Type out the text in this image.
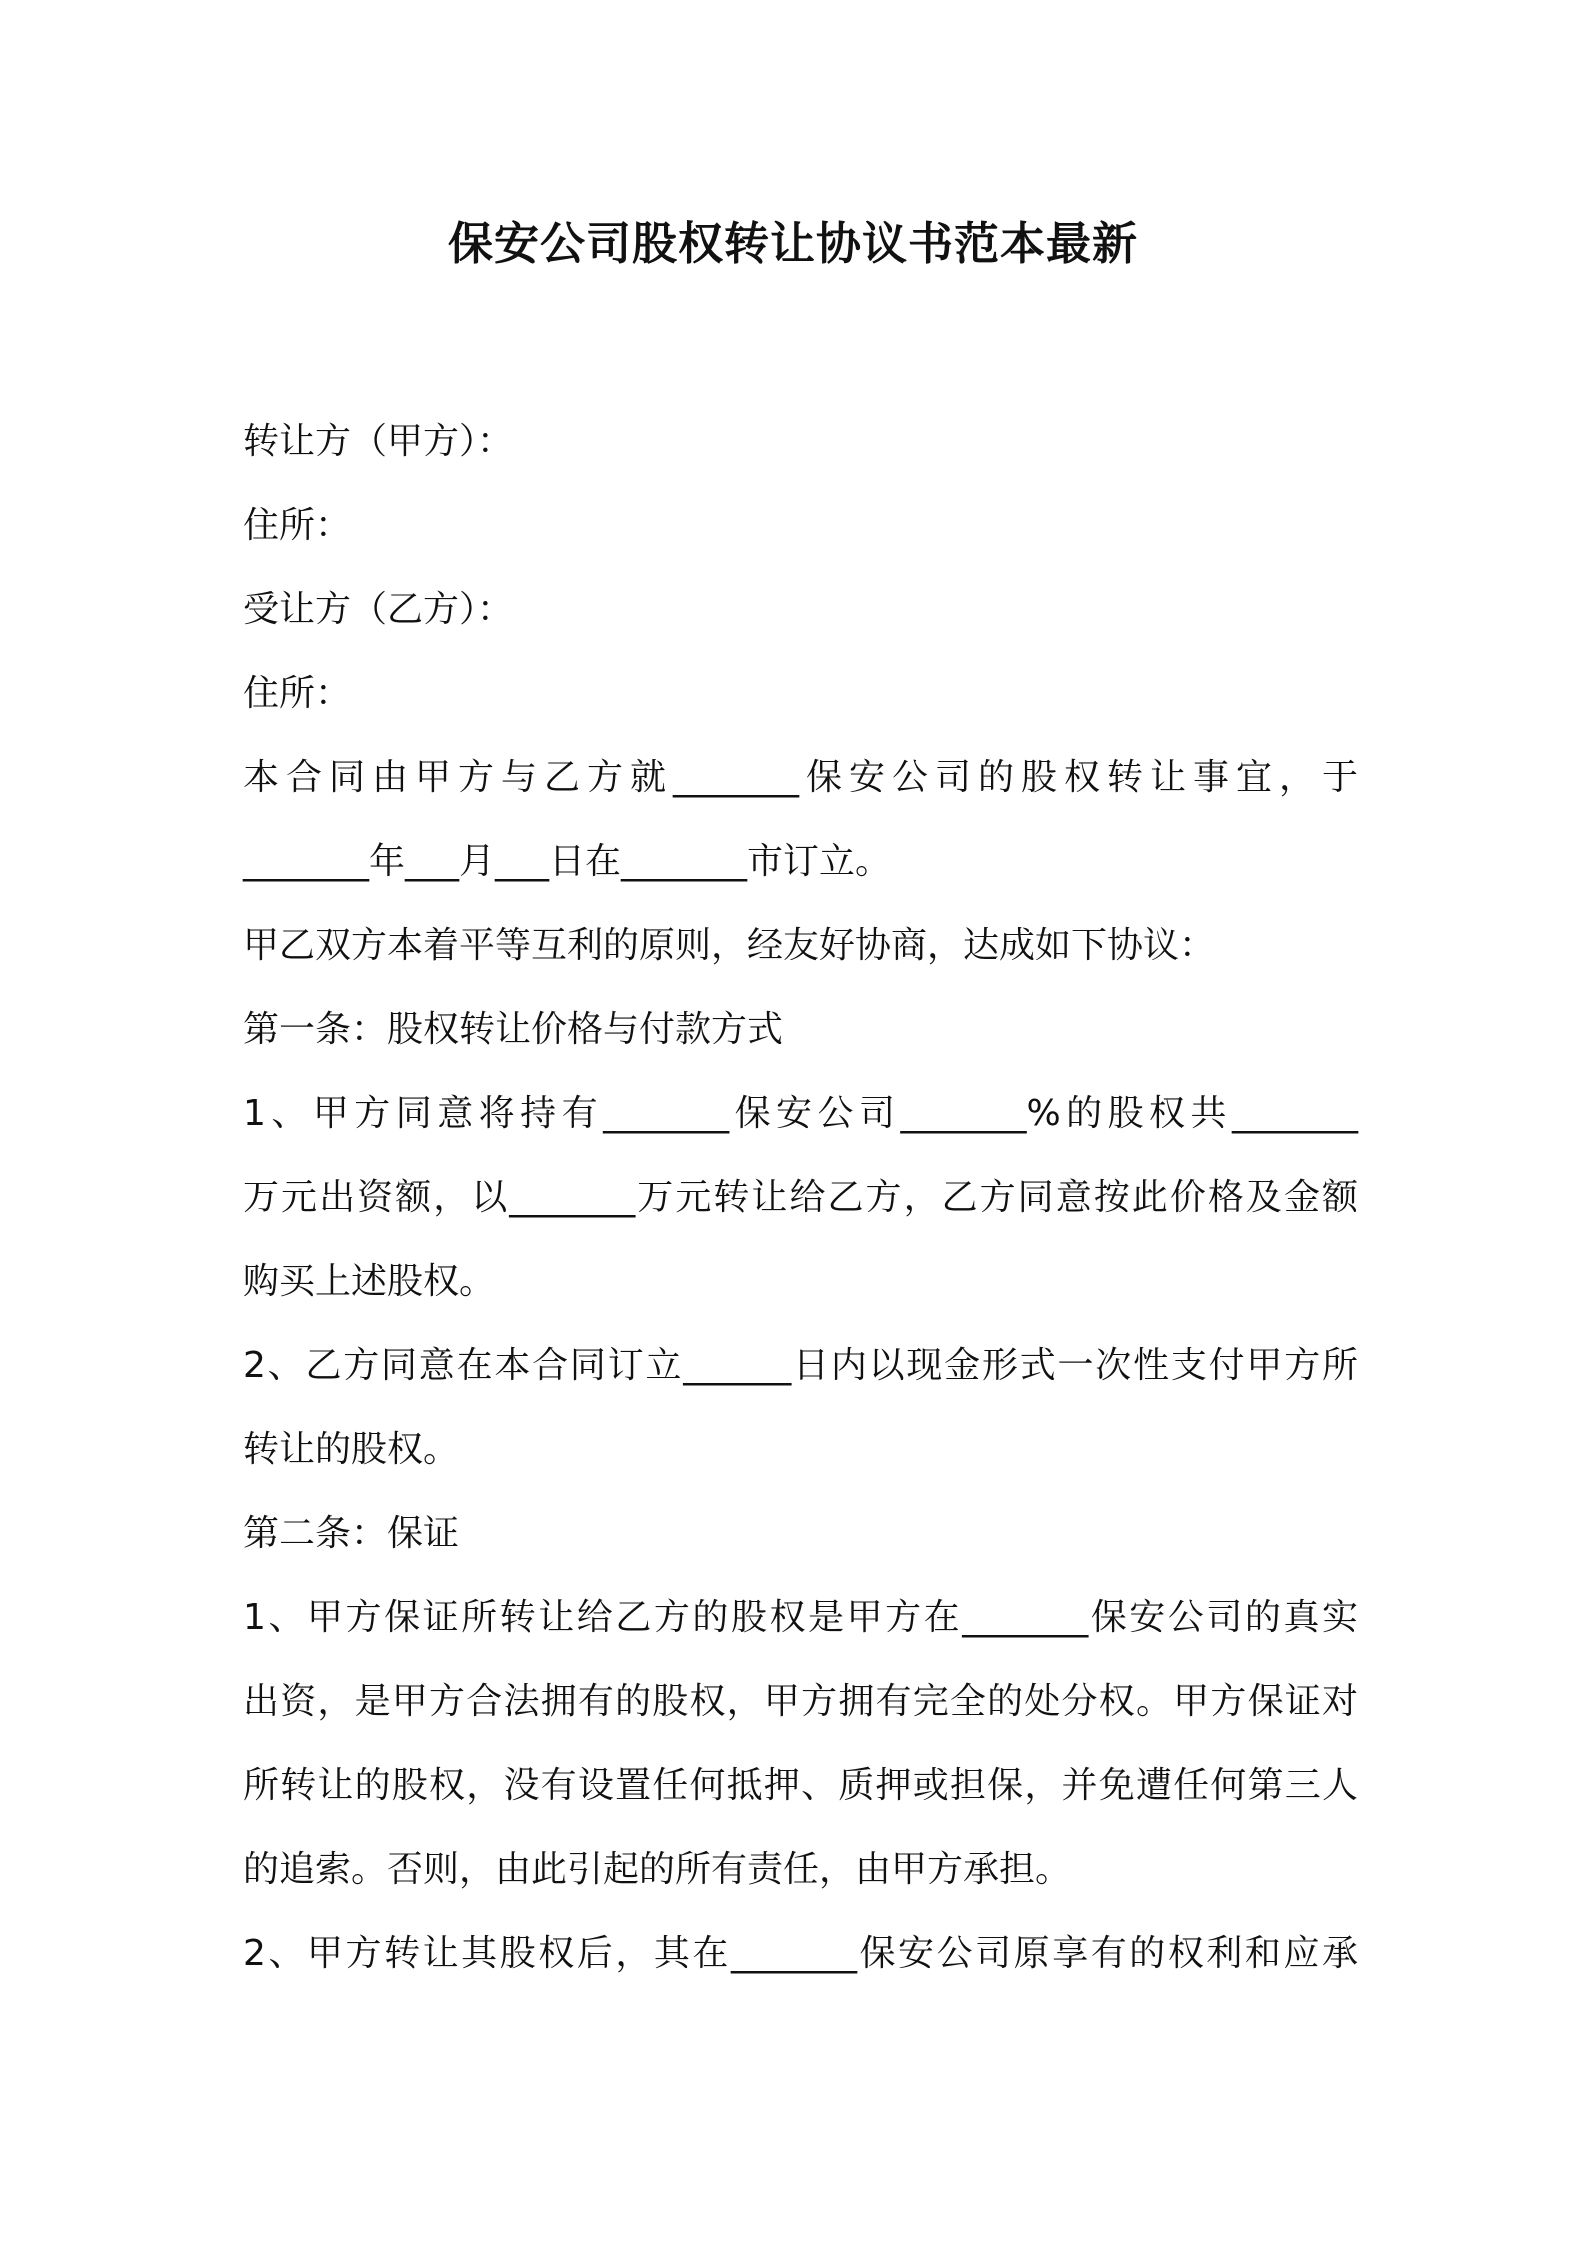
保安公司股权转让协议书范本最新

转让方（甲方）：

住所：

受让方（乙方）：

住所：

本合同由甲方与乙方就_______保安公司的股权转让事宜，于

_______年___月___日在_______市订立。

甲乙双方本着平等互利的原则，经友好协商，达成如下协议：

第一条：股权转让价格与付款方式

1、甲方同意将持有_______保安公司_______%的股权共_______

万元出资额，以_______万元转让给乙方，乙方同意按此价格及金额

购买上述股权。

2、乙方同意在本合同订立______日内以现金形式一次性支付甲方所

转让的股权。

第二条：保证

1、甲方保证所转让给乙方的股权是甲方在_______保安公司的真实

出资，是甲方合法拥有的股权，甲方拥有完全的处分权。甲方保证对

所转让的股权，没有设置任何抵押、质押或担保，并免遭任何第三人

的追索。否则，由此引起的所有责任，由甲方承担。

2、甲方转让其股权后，其在_______保安公司原享有的权利和应承
